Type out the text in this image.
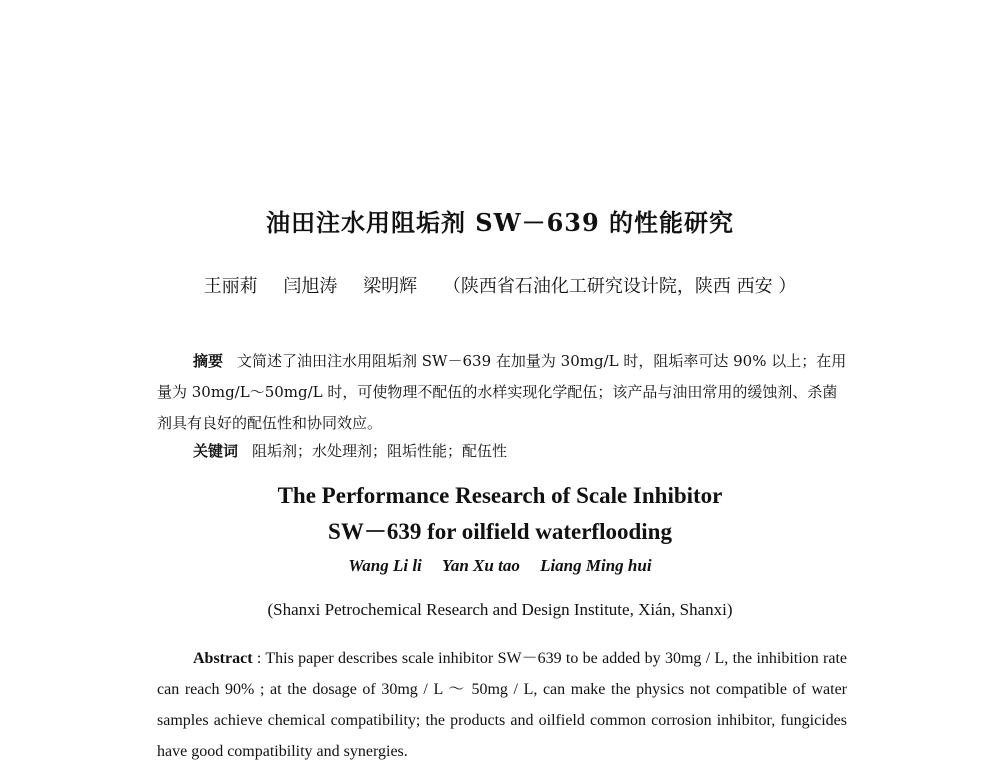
油田注水用阻垢剂 SW－639 的性能研究
王丽莉 闫旭涛 梁明辉 （陕西省石油化工研究设计院，陕西 西安 ）
摘要 文简述了油田注水用阻垢剂 SW－639 在加量为 30mg/L 时，阻垢率可达 90% 以上；在用量为 30mg/L～50mg/L 时，可使物理不配伍的水样实现化学配伍；该产品与油田常用的缓蚀剂、杀菌剂具有良好的配伍性和协同效应。
关键词 阻垢剂；水处理剂；阻垢性能；配伍性
The Performance Research of Scale Inhibitor
SW－639 for oilfield waterflooding
Wang Li li Yan Xu tao Liang Ming hui
(Shanxi Petrochemical Research and Design Institute, Xián, Shanxi)
Abstract : This paper describes scale inhibitor SW－639 to be added by 30mg / L, the inhibition rate can reach 90% ; at the dosage of 30mg / L ～ 50mg / L, can make the physics not compatible of water samples achieve chemical compatibility; the products and oilfield common corrosion inhibitor, fungicides have good compatibility and synergies.
